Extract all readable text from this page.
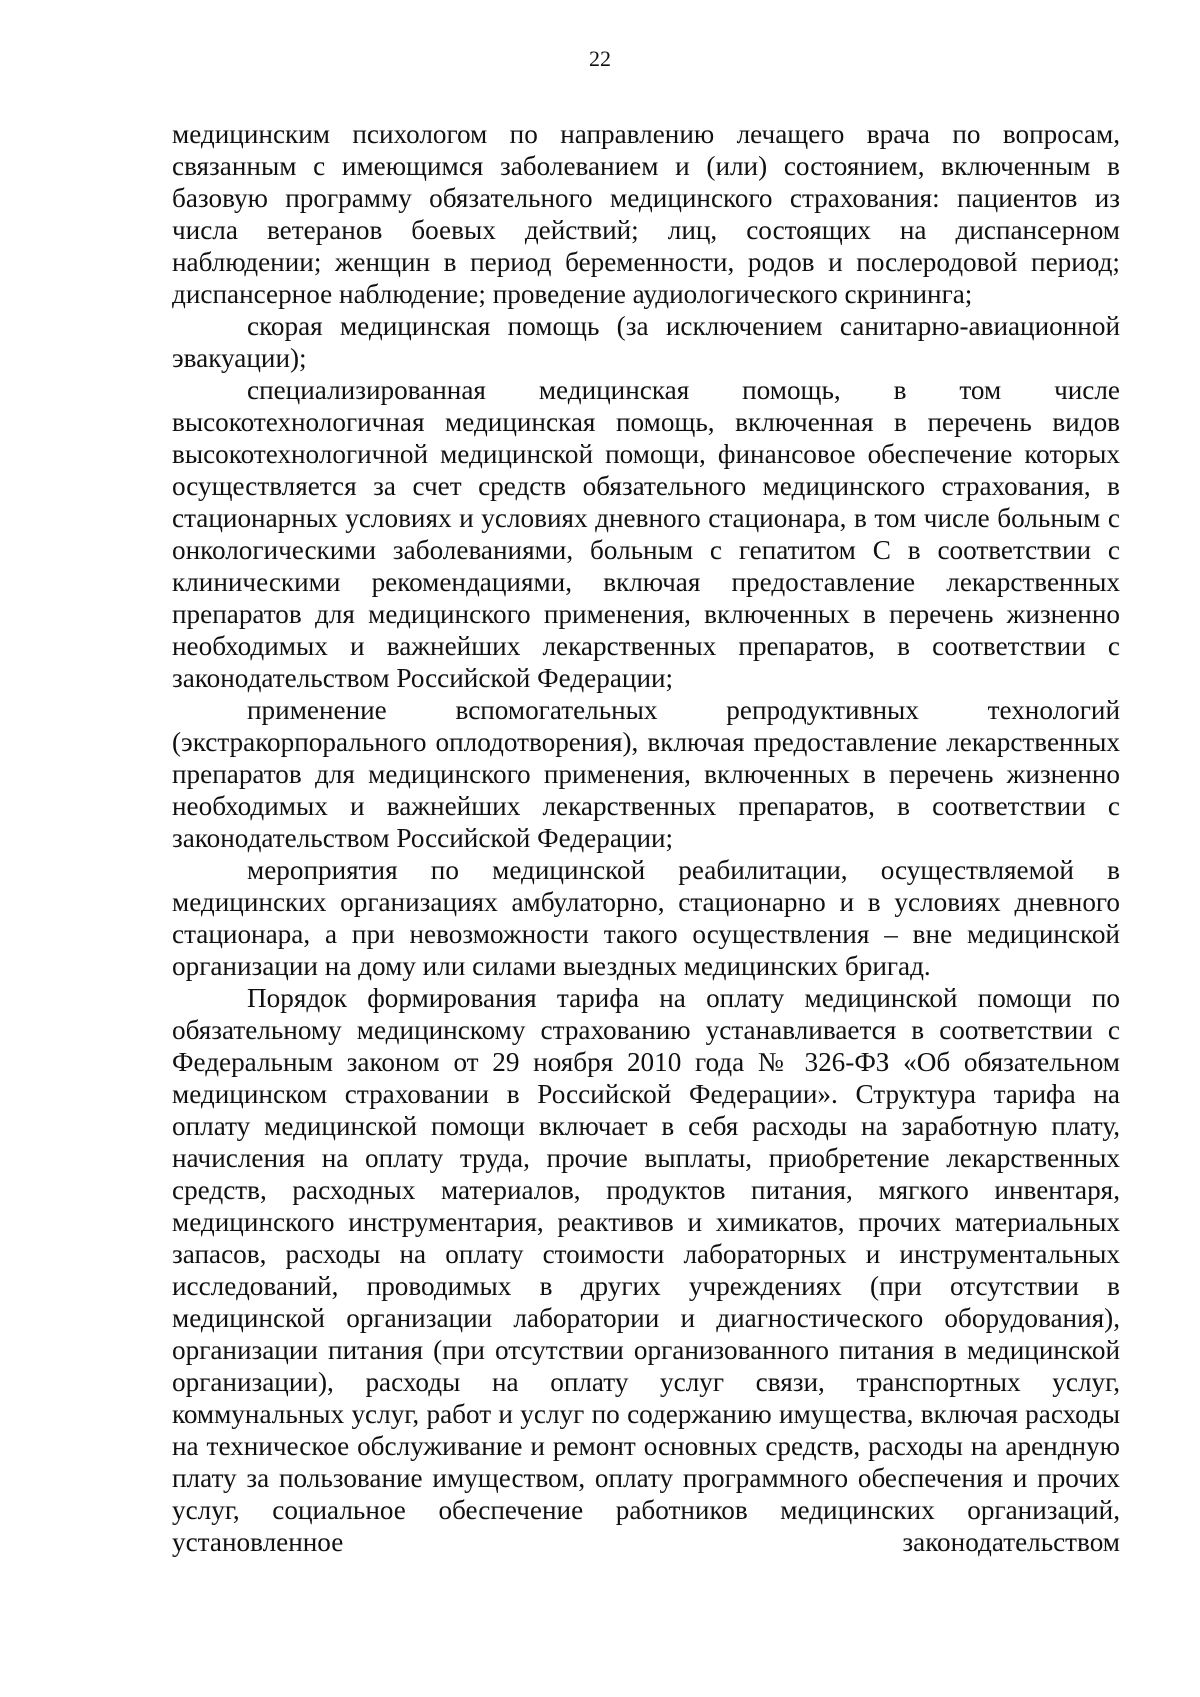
22

медицинским психологом по направлению лечащего врача по вопросам, связанным с имеющимся заболеванием и (или) состоянием, включенным в базовую программу обязательного медицинского страхования: пациентов из числа ветеранов боевых действий; лиц, состоящих на диспансерном наблюдении; женщин в период беременности, родов и послеродовой период; диспансерное наблюдение; проведение аудиологического скрининга;

скорая медицинская помощь (за исключением санитарно-авиационной эвакуации);

специализированная медицинская помощь, в том числе высокотехнологичная медицинская помощь, включенная в перечень видов высокотехнологичной медицинской помощи, финансовое обеспечение которых осуществляется за счет средств обязательного медицинского страхования, в стационарных условиях и условиях дневного стационара, в том числе больным с онкологическими заболеваниями, больным с гепатитом С в соответствии с клиническими рекомендациями, включая предоставление лекарственных препаратов для медицинского применения, включенных в перечень жизненно необходимых и важнейших лекарственных препаратов, в соответствии с законодательством Российской Федерации;

применение вспомогательных репродуктивных технологий (экстракорпорального оплодотворения), включая предоставление лекарственных препаратов для медицинского применения, включенных в перечень жизненно необходимых и важнейших лекарственных препаратов, в соответствии с законодательством Российской Федерации;

мероприятия по медицинской реабилитации, осуществляемой в медицинских организациях амбулаторно, стационарно и в условиях дневного стационара, а при невозможности такого осуществления – вне медицинской организации на дому или силами выездных медицинских бригад.

Порядок формирования тарифа на оплату медицинской помощи по обязательному медицинскому страхованию устанавливается в соответствии с Федеральным законом от 29 ноября 2010 года № 326-ФЗ «Об обязательном медицинском страховании в Российской Федерации». Структура тарифа на оплату медицинской помощи включает в себя расходы на заработную плату, начисления на оплату труда, прочие выплаты, приобретение лекарственных средств, расходных материалов, продуктов питания, мягкого инвентаря, медицинского инструментария, реактивов и химикатов, прочих материальных запасов, расходы на оплату стоимости лабораторных и инструментальных исследований, проводимых в других учреждениях (при отсутствии в медицинской организации лаборатории и диагностического оборудования), организации питания (при отсутствии организованного питания в медицинской организации), расходы на оплату услуг связи, транспортных услуг, коммунальных услуг, работ и услуг по содержанию имущества, включая расходы на техническое обслуживание и ремонт основных средств, расходы на арендную плату за пользование имуществом, оплату программного обеспечения и прочих услуг, социальное обеспечение работников медицинских организаций, установленное законодательством
